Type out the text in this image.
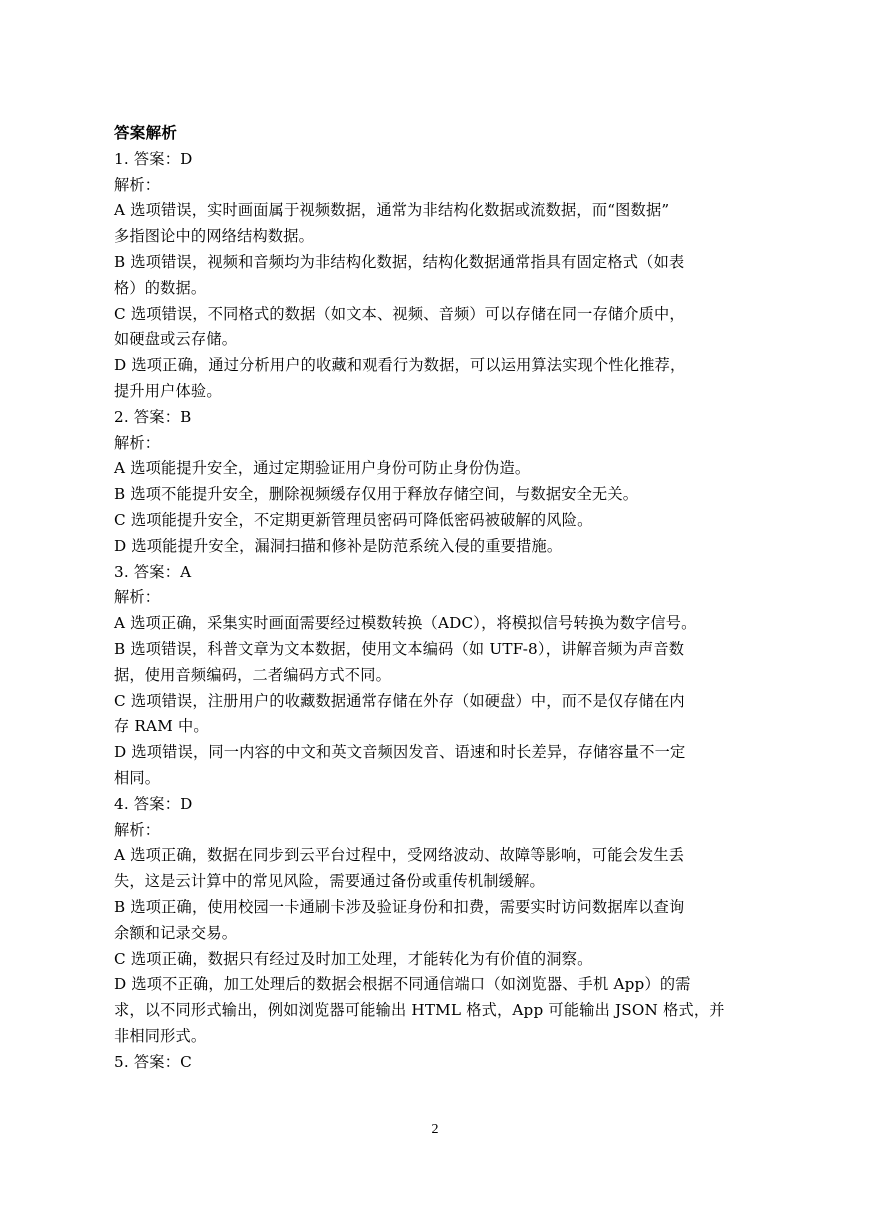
答案解析
1. 答案：D
解析：
A 选项错误，实时画面属于视频数据，通常为非结构化数据或流数据，而“图数据”
多指图论中的网络结构数据。
B 选项错误，视频和音频均为非结构化数据，结构化数据通常指具有固定格式（如表
格）的数据。
C 选项错误，不同格式的数据（如文本、视频、音频）可以存储在同一存储介质中，
如硬盘或云存储。
D 选项正确，通过分析用户的收藏和观看行为数据，可以运用算法实现个性化推荐，
提升用户体验。
2. 答案：B
解析：
A 选项能提升安全，通过定期验证用户身份可防止身份伪造。
B 选项不能提升安全，删除视频缓存仅用于释放存储空间，与数据安全无关。
C 选项能提升安全，不定期更新管理员密码可降低密码被破解的风险。
D 选项能提升安全，漏洞扫描和修补是防范系统入侵的重要措施。
3. 答案：A
解析：
A 选项正确，采集实时画面需要经过模数转换（ADC），将模拟信号转换为数字信号。
B 选项错误，科普文章为文本数据，使用文本编码（如 UTF-8），讲解音频为声音数
据，使用音频编码，二者编码方式不同。
C 选项错误，注册用户的收藏数据通常存储在外存（如硬盘）中，而不是仅存储在内
存 RAM 中。
D 选项错误，同一内容的中文和英文音频因发音、语速和时长差异，存储容量不一定
相同。
4. 答案：D
解析：
A 选项正确，数据在同步到云平台过程中，受网络波动、故障等影响，可能会发生丢
失，这是云计算中的常见风险，需要通过备份或重传机制缓解。
B 选项正确，使用校园一卡通刷卡涉及验证身份和扣费，需要实时访问数据库以查询
余额和记录交易。
C 选项正确，数据只有经过及时加工处理，才能转化为有价值的洞察。
D 选项不正确，加工处理后的数据会根据不同通信端口（如浏览器、手机 App）的需
求，以不同形式输出，例如浏览器可能输出 HTML 格式，App 可能输出 JSON 格式，并
非相同形式。
5. 答案：C
2
